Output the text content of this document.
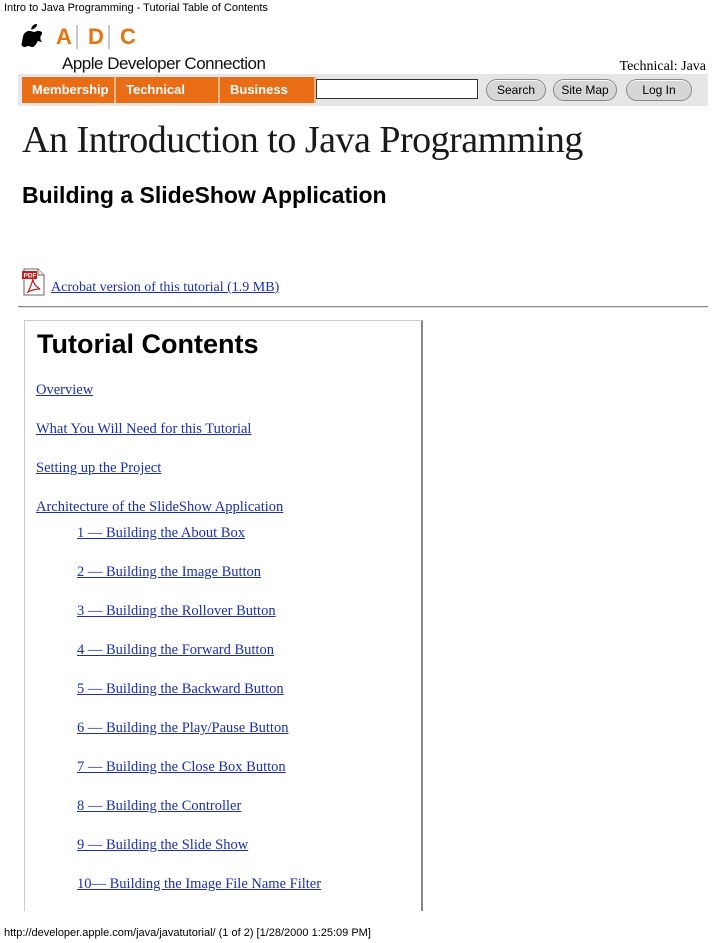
Intro to Java Programming - Tutorial Table of Contents
A D C
Apple Developer Connection	Technical: Java
Membership	Technical	Business	Search	Site Map	Log In
An Introduction to Java Programming
Building a SlideShow Application
PDF
Acrobat version of this tutorial (1.9 MB)
Tutorial Contents
Overview
What You Will Need for this Tutorial
Setting up the Project
Architecture of the SlideShow Application
1 — Building the About Box
2 — Building the Image Button
3 — Building the Rollover Button
4 — Building the Forward Button
5 — Building the Backward Button
6 — Building the Play/Pause Button
7 — Building the Close Box Button
8 — Building the Controller
9 — Building the Slide Show
10— Building the Image File Name Filter
http://developer.apple.com/java/javatutorial/ (1 of 2) [1/28/2000 1:25:09 PM]
